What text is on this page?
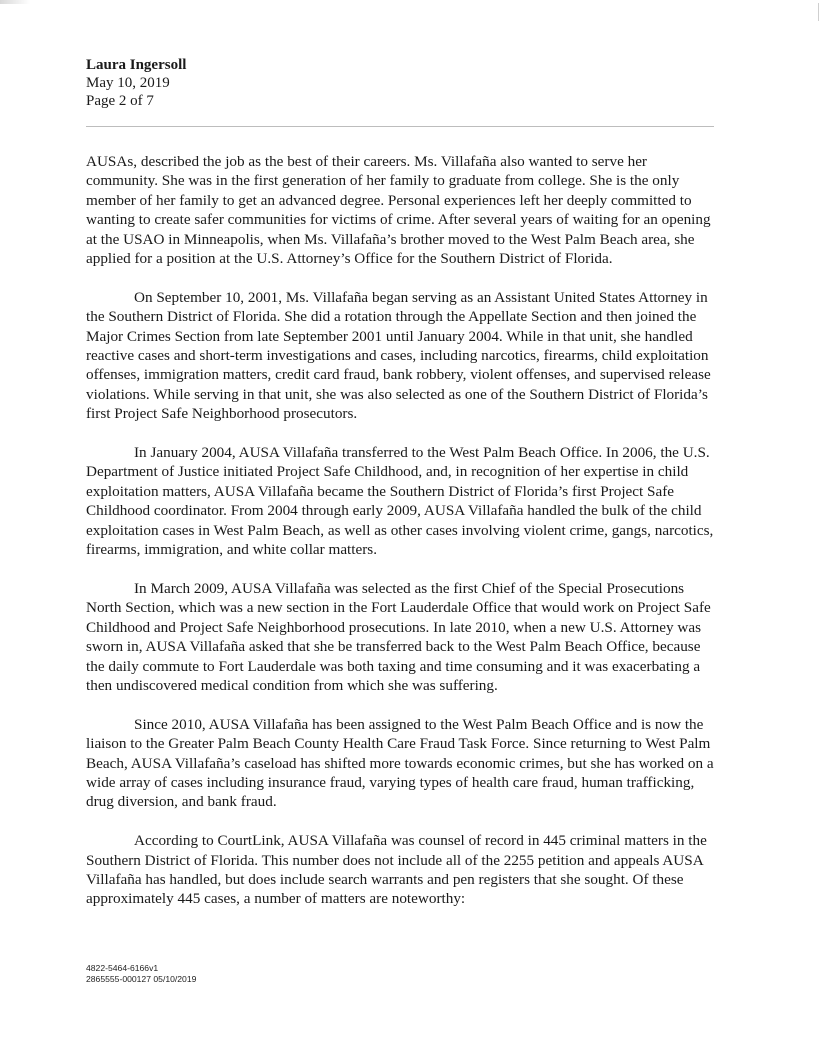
Laura Ingersoll
May 10, 2019
Page 2 of 7

AUSAs, described the job as the best of their careers. Ms. Villafaña also wanted to serve her community. She was in the first generation of her family to graduate from college. She is the only member of her family to get an advanced degree. Personal experiences left her deeply committed to wanting to create safer communities for victims of crime. After several years of waiting for an opening at the USAO in Minneapolis, when Ms. Villafaña’s brother moved to the West Palm Beach area, she applied for a position at the U.S. Attorney’s Office for the Southern District of Florida.

On September 10, 2001, Ms. Villafaña began serving as an Assistant United States Attorney in the Southern District of Florida. She did a rotation through the Appellate Section and then joined the Major Crimes Section from late September 2001 until January 2004. While in that unit, she handled reactive cases and short-term investigations and cases, including narcotics, firearms, child exploitation offenses, immigration matters, credit card fraud, bank robbery, violent offenses, and supervised release violations. While serving in that unit, she was also selected as one of the Southern District of Florida’s first Project Safe Neighborhood prosecutors.

In January 2004, AUSA Villafaña transferred to the West Palm Beach Office. In 2006, the U.S. Department of Justice initiated Project Safe Childhood, and, in recognition of her expertise in child exploitation matters, AUSA Villafaña became the Southern District of Florida’s first Project Safe Childhood coordinator. From 2004 through early 2009, AUSA Villafaña handled the bulk of the child exploitation cases in West Palm Beach, as well as other cases involving violent crime, gangs, narcotics, firearms, immigration, and white collar matters.

In March 2009, AUSA Villafaña was selected as the first Chief of the Special Prosecutions North Section, which was a new section in the Fort Lauderdale Office that would work on Project Safe Childhood and Project Safe Neighborhood prosecutions. In late 2010, when a new U.S. Attorney was sworn in, AUSA Villafaña asked that she be transferred back to the West Palm Beach Office, because the daily commute to Fort Lauderdale was both taxing and time consuming and it was exacerbating a then undiscovered medical condition from which she was suffering.

Since 2010, AUSA Villafaña has been assigned to the West Palm Beach Office and is now the liaison to the Greater Palm Beach County Health Care Fraud Task Force. Since returning to West Palm Beach, AUSA Villafaña’s caseload has shifted more towards economic crimes, but she has worked on a wide array of cases including insurance fraud, varying types of health care fraud, human trafficking, drug diversion, and bank fraud.

According to CourtLink, AUSA Villafaña was counsel of record in 445 criminal matters in the Southern District of Florida. This number does not include all of the 2255 petition and appeals AUSA Villafaña has handled, but does include search warrants and pen registers that she sought. Of these approximately 445 cases, a number of matters are noteworthy:

4822-5464-6166v1
2865555-000127 05/10/2019
